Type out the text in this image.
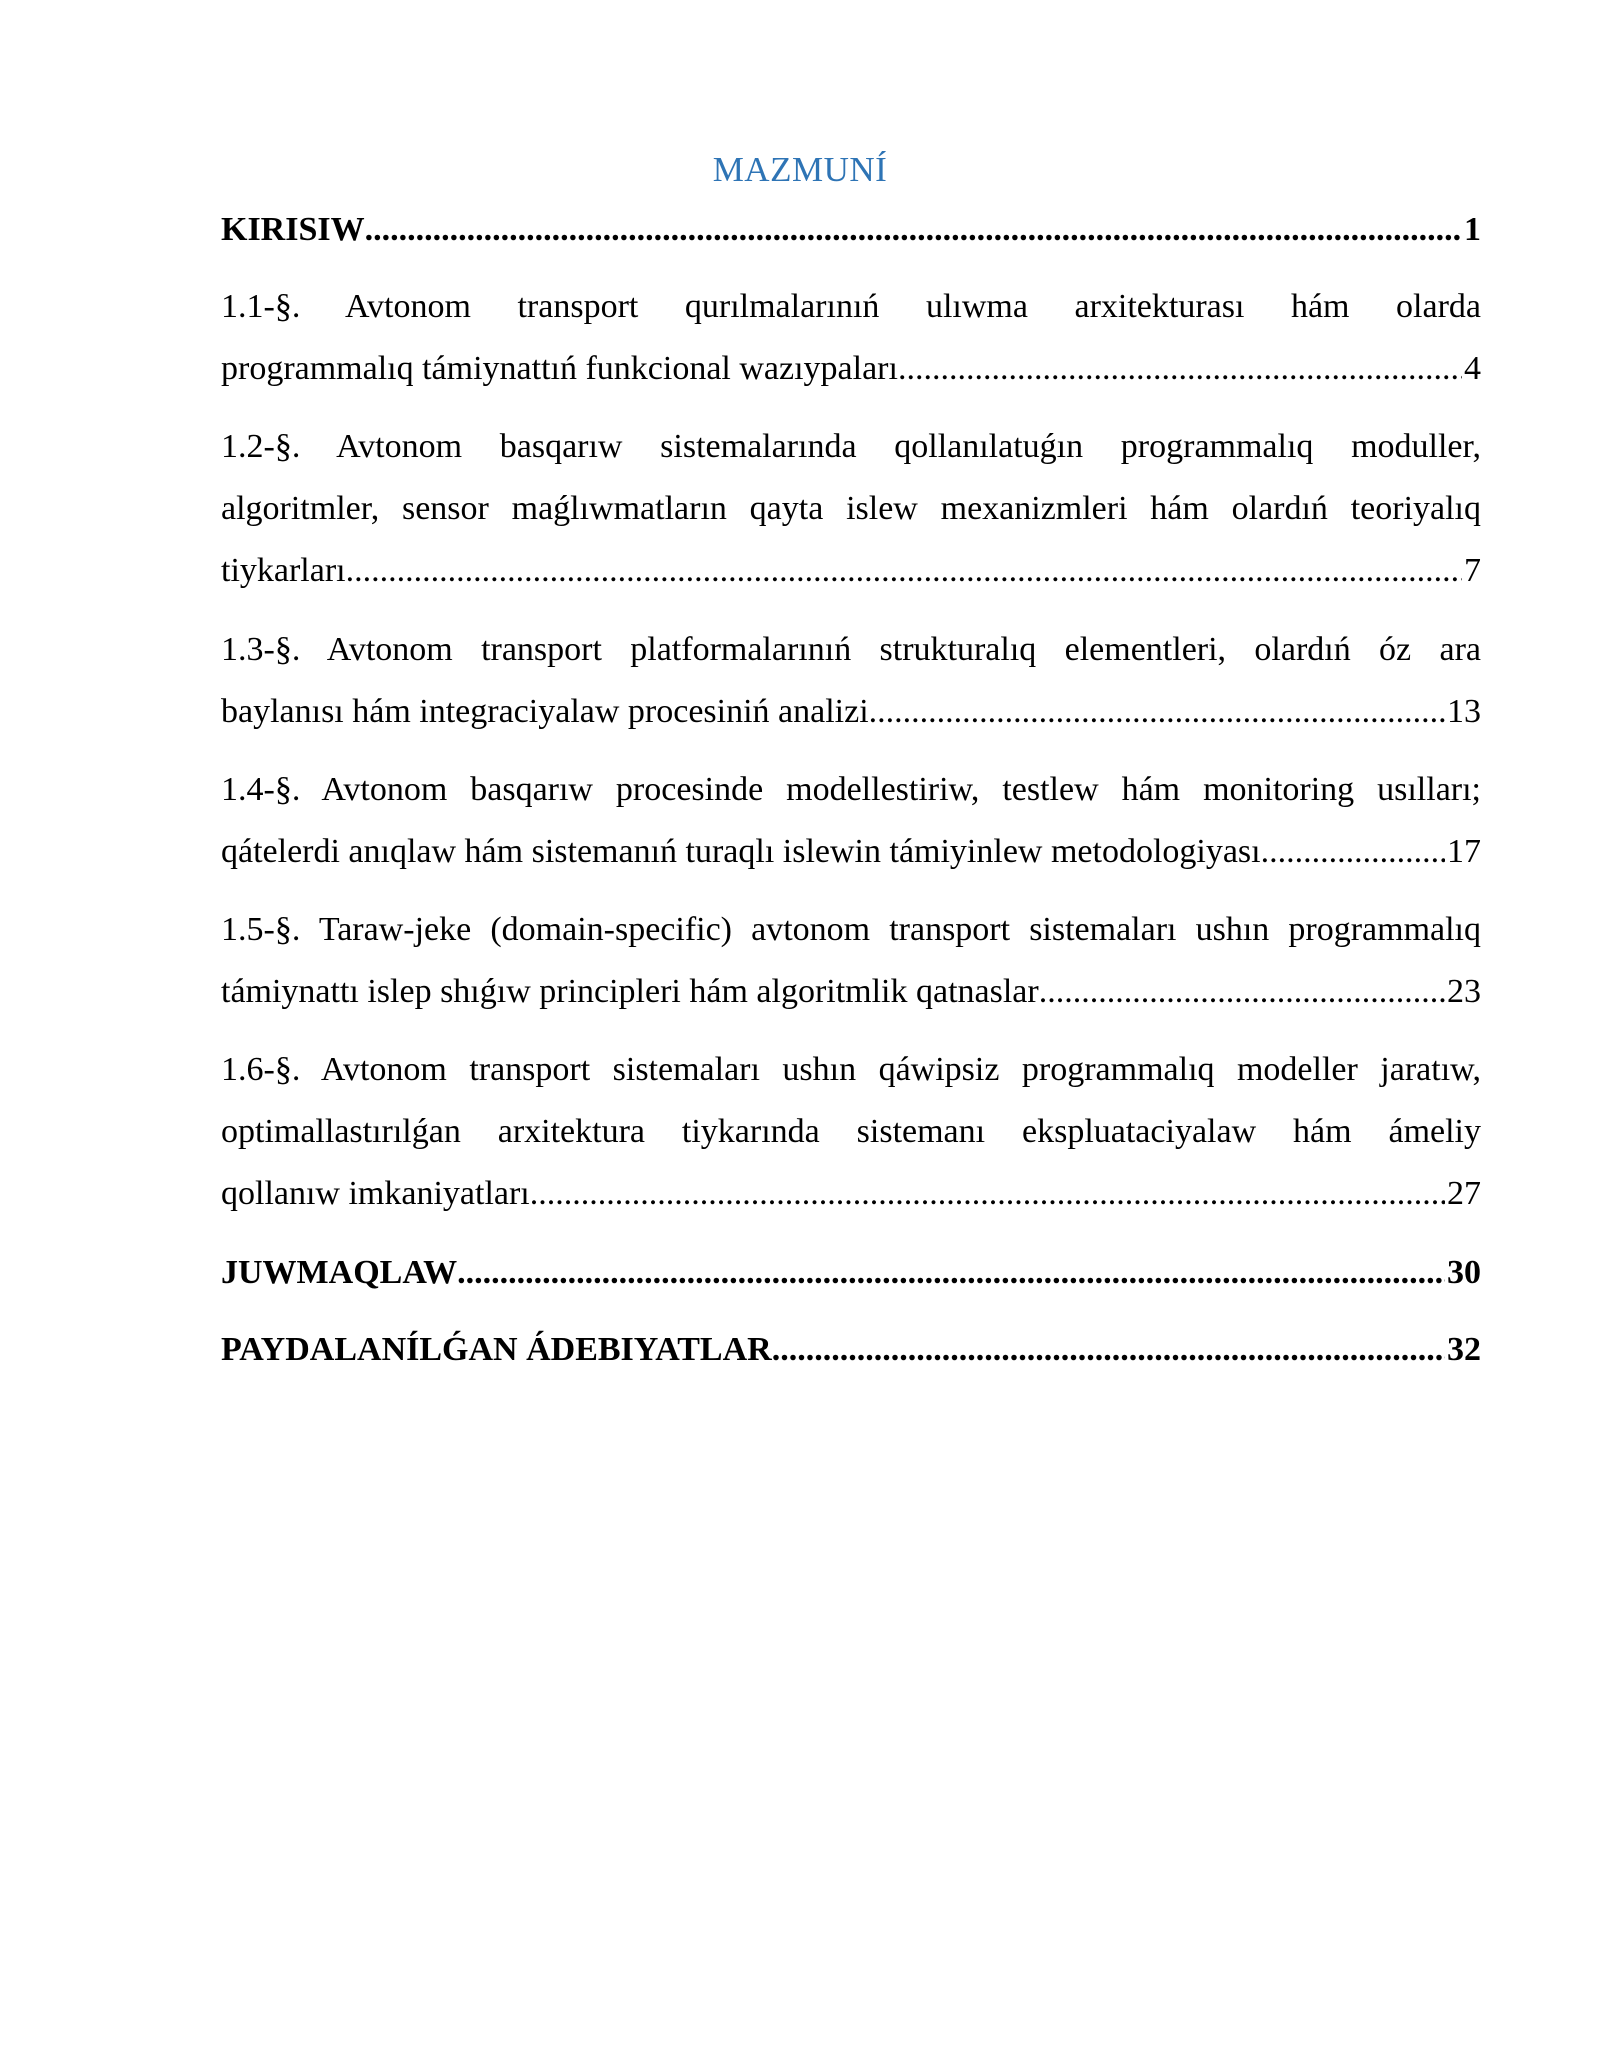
MAZMUNÍ
KIRISIW .....	1
1.1-§. Avtonom transport qurılmalarınıń ulıwma arxitekturası hám olarda
programmalıq támiynattıń funkcional wazıypaları. .....	4
1.2-§. Avtonom basqarıw sistemalarında qollanılatuǵın programmalıq moduller,
algoritmler, sensor maǵlıwmatların qayta islew mexanizmleri hám olardıń teoriyalıq
tiykarları. .....	7
1.3-§. Avtonom transport platformalarınıń strukturalıq elementleri, olardıń óz ara
baylanısı hám integraciyalaw procesiniń analizi. .....	13
1.4-§. Avtonom basqarıw procesinde modellestiriw, testlew hám monitoring usılları;
qátelerdi anıqlaw hám sistemanıń turaqlı islewin támiyinlew metodologiyası. .....	17
1.5-§. Taraw-jeke (domain-specific) avtonom transport sistemaları ushın programmalıq
támiynattı islep shıǵıw principleri hám algoritmlik qatnaslar .....	23
1.6-§. Avtonom transport sistemaları ushın qáwipsiz programmalıq modeller jaratıw,
optimallastırılǵan arxitektura tiykarında sistemanı ekspluataciyalaw hám ámeliy
qollanıw imkaniyatları. .....	27
JUWMAQLAW .....	30
PAYDALANÍLǴAN ÁDEBIYATLAR. .....	32
